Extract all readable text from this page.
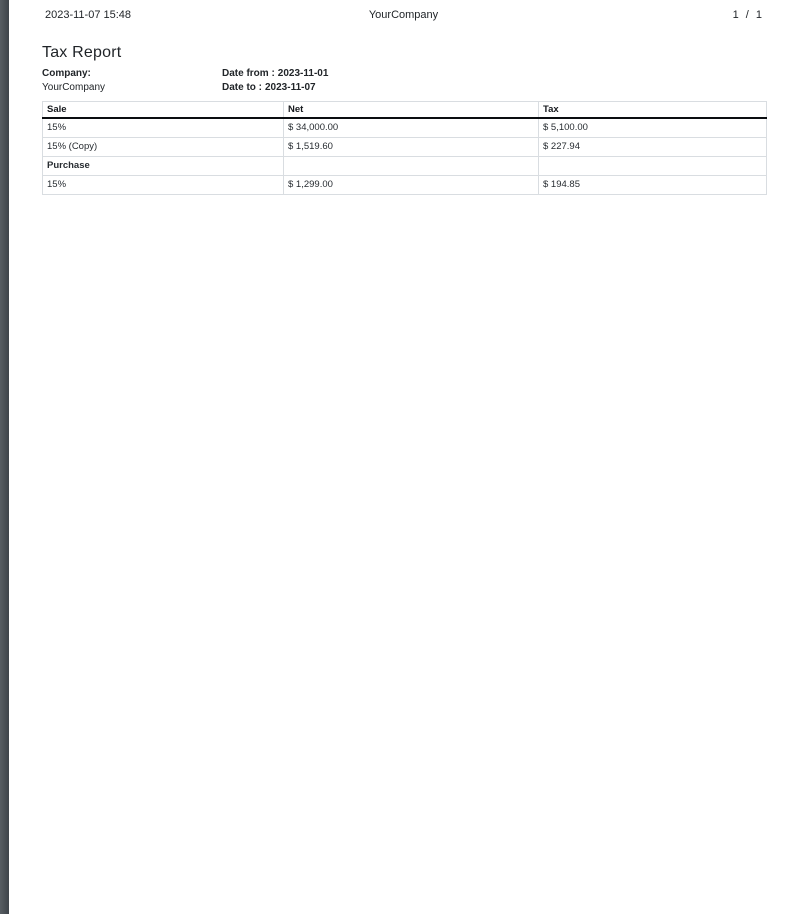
2023-11-07 15:48	YourCompany	1 / 1
Tax Report
Company:
YourCompany
Date from : 2023-11-01
Date to : 2023-11-07
Sale	Net	Tax
15%	$ 34,000.00	$ 5,100.00
15% (Copy)	$ 1,519.60	$ 227.94
Purchase		
15%	$ 1,299.00	$ 194.85
